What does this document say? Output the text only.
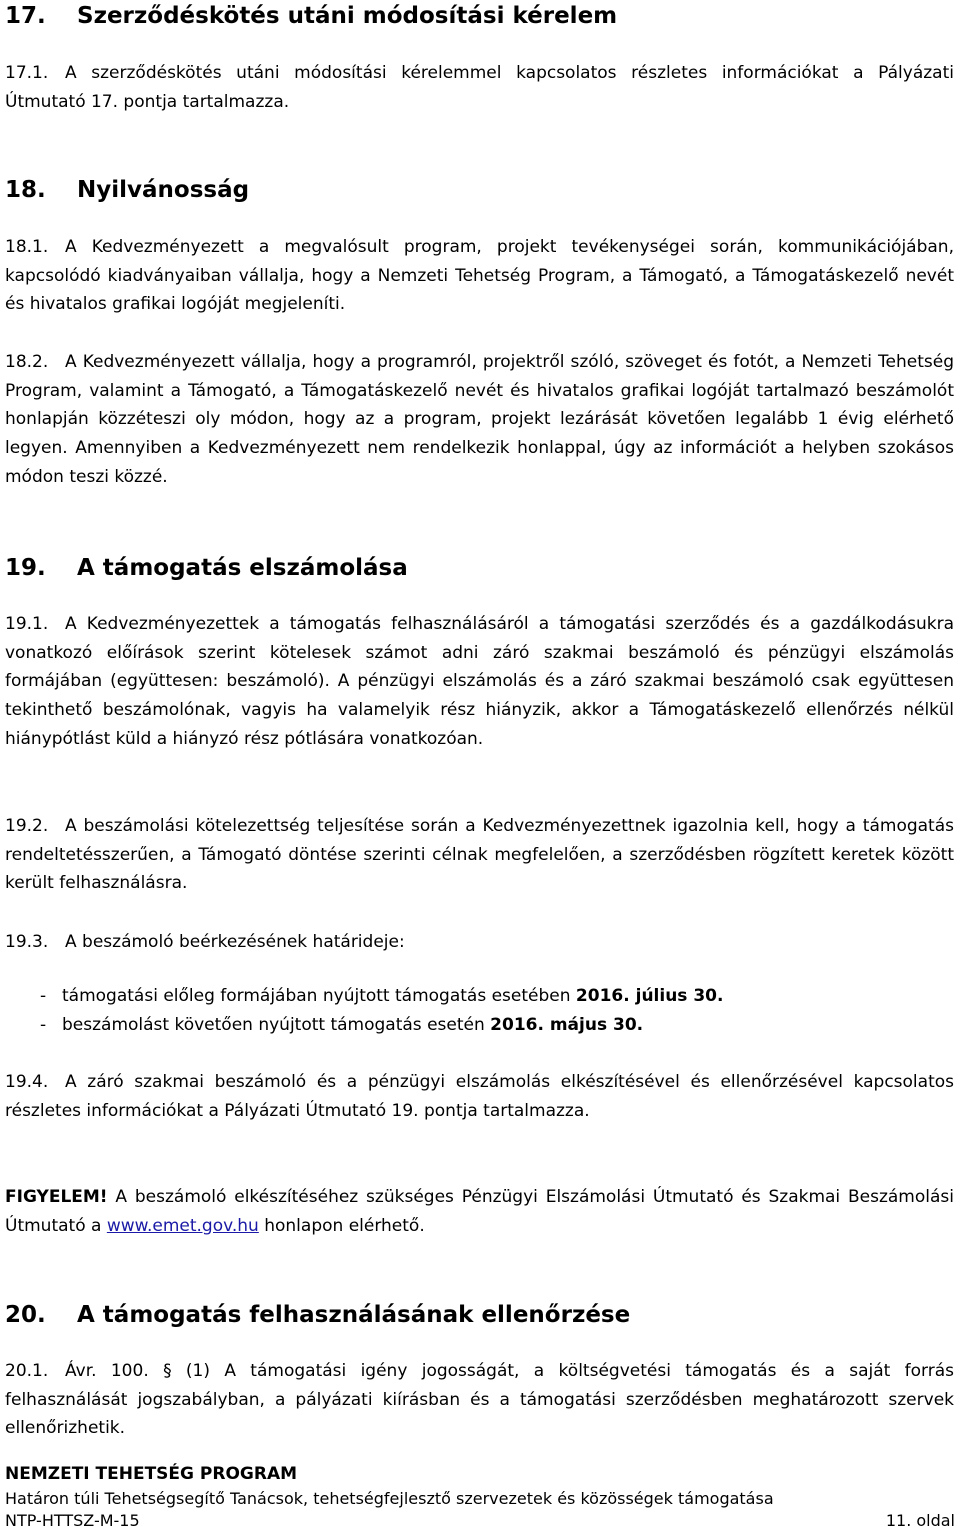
17. Szerződéskötés utáni módosítási kérelem
17.1. A szerződéskötés utáni módosítási kérelemmel kapcsolatos részletes információkat a Pályázati Útmutató 17. pontja tartalmazza.
18. Nyilvánosság
18.1. A Kedvezményezett a megvalósult program, projekt tevékenységei során, kommunikációjában, kapcsolódó kiadványaiban vállalja, hogy a Nemzeti Tehetség Program, a Támogató, a Támogatáskezelő nevét és hivatalos grafikai logóját megjeleníti.
18.2. A Kedvezményezett vállalja, hogy a programról, projektről szóló, szöveget és fotót, a Nemzeti Tehetség Program, valamint a Támogató, a Támogatáskezelő nevét és hivatalos grafikai logóját tartalmazó beszámolót honlapján közzéteszi oly módon, hogy az a program, projekt lezárását követően legalább 1 évig elérhető legyen. Amennyiben a Kedvezményezett nem rendelkezik honlappal, úgy az információt a helyben szokásos módon teszi közzé.
19. A támogatás elszámolása
19.1. A Kedvezményezettek a támogatás felhasználásáról a támogatási szerződés és a gazdálkodásukra vonatkozó előírások szerint kötelesek számot adni záró szakmai beszámoló és pénzügyi elszámolás formájában (együttesen: beszámoló). A pénzügyi elszámolás és a záró szakmai beszámoló csak együttesen tekinthető beszámolónak, vagyis ha valamelyik rész hiányzik, akkor a Támogatáskezelő ellenőrzés nélkül hiánypótlást küld a hiányzó rész pótlására vonatkozóan.
19.2. A beszámolási kötelezettség teljesítése során a Kedvezményezettnek igazolnia kell, hogy a támogatás rendeltetésszerűen, a Támogató döntése szerinti célnak megfelelően, a szerződésben rögzített keretek között került felhasználásra.
19.3. A beszámoló beérkezésének határideje:
- támogatási előleg formájában nyújtott támogatás esetében 2016. július 30.
- beszámolást követően nyújtott támogatás esetén 2016. május 30.
19.4. A záró szakmai beszámoló és a pénzügyi elszámolás elkészítésével és ellenőrzésével kapcsolatos részletes információkat a Pályázati Útmutató 19. pontja tartalmazza.
FIGYELEM! A beszámoló elkészítéséhez szükséges Pénzügyi Elszámolási Útmutató és Szakmai Beszámolási Útmutató a www.emet.gov.hu honlapon elérhető.
20. A támogatás felhasználásának ellenőrzése
20.1. Ávr. 100. § (1) A támogatási igény jogosságát, a költségvetési támogatás és a saját forrás felhasználását jogszabályban, a pályázati kiírásban és a támogatási szerződésben meghatározott szervek ellenőrizhetik.
NEMZETI TEHETSÉG PROGRAM
Határon túli Tehetségsegítő Tanácsok, tehetségfejlesztő szervezetek és közösségek támogatása
NTP-HTTSZ-M-15	11. oldal
